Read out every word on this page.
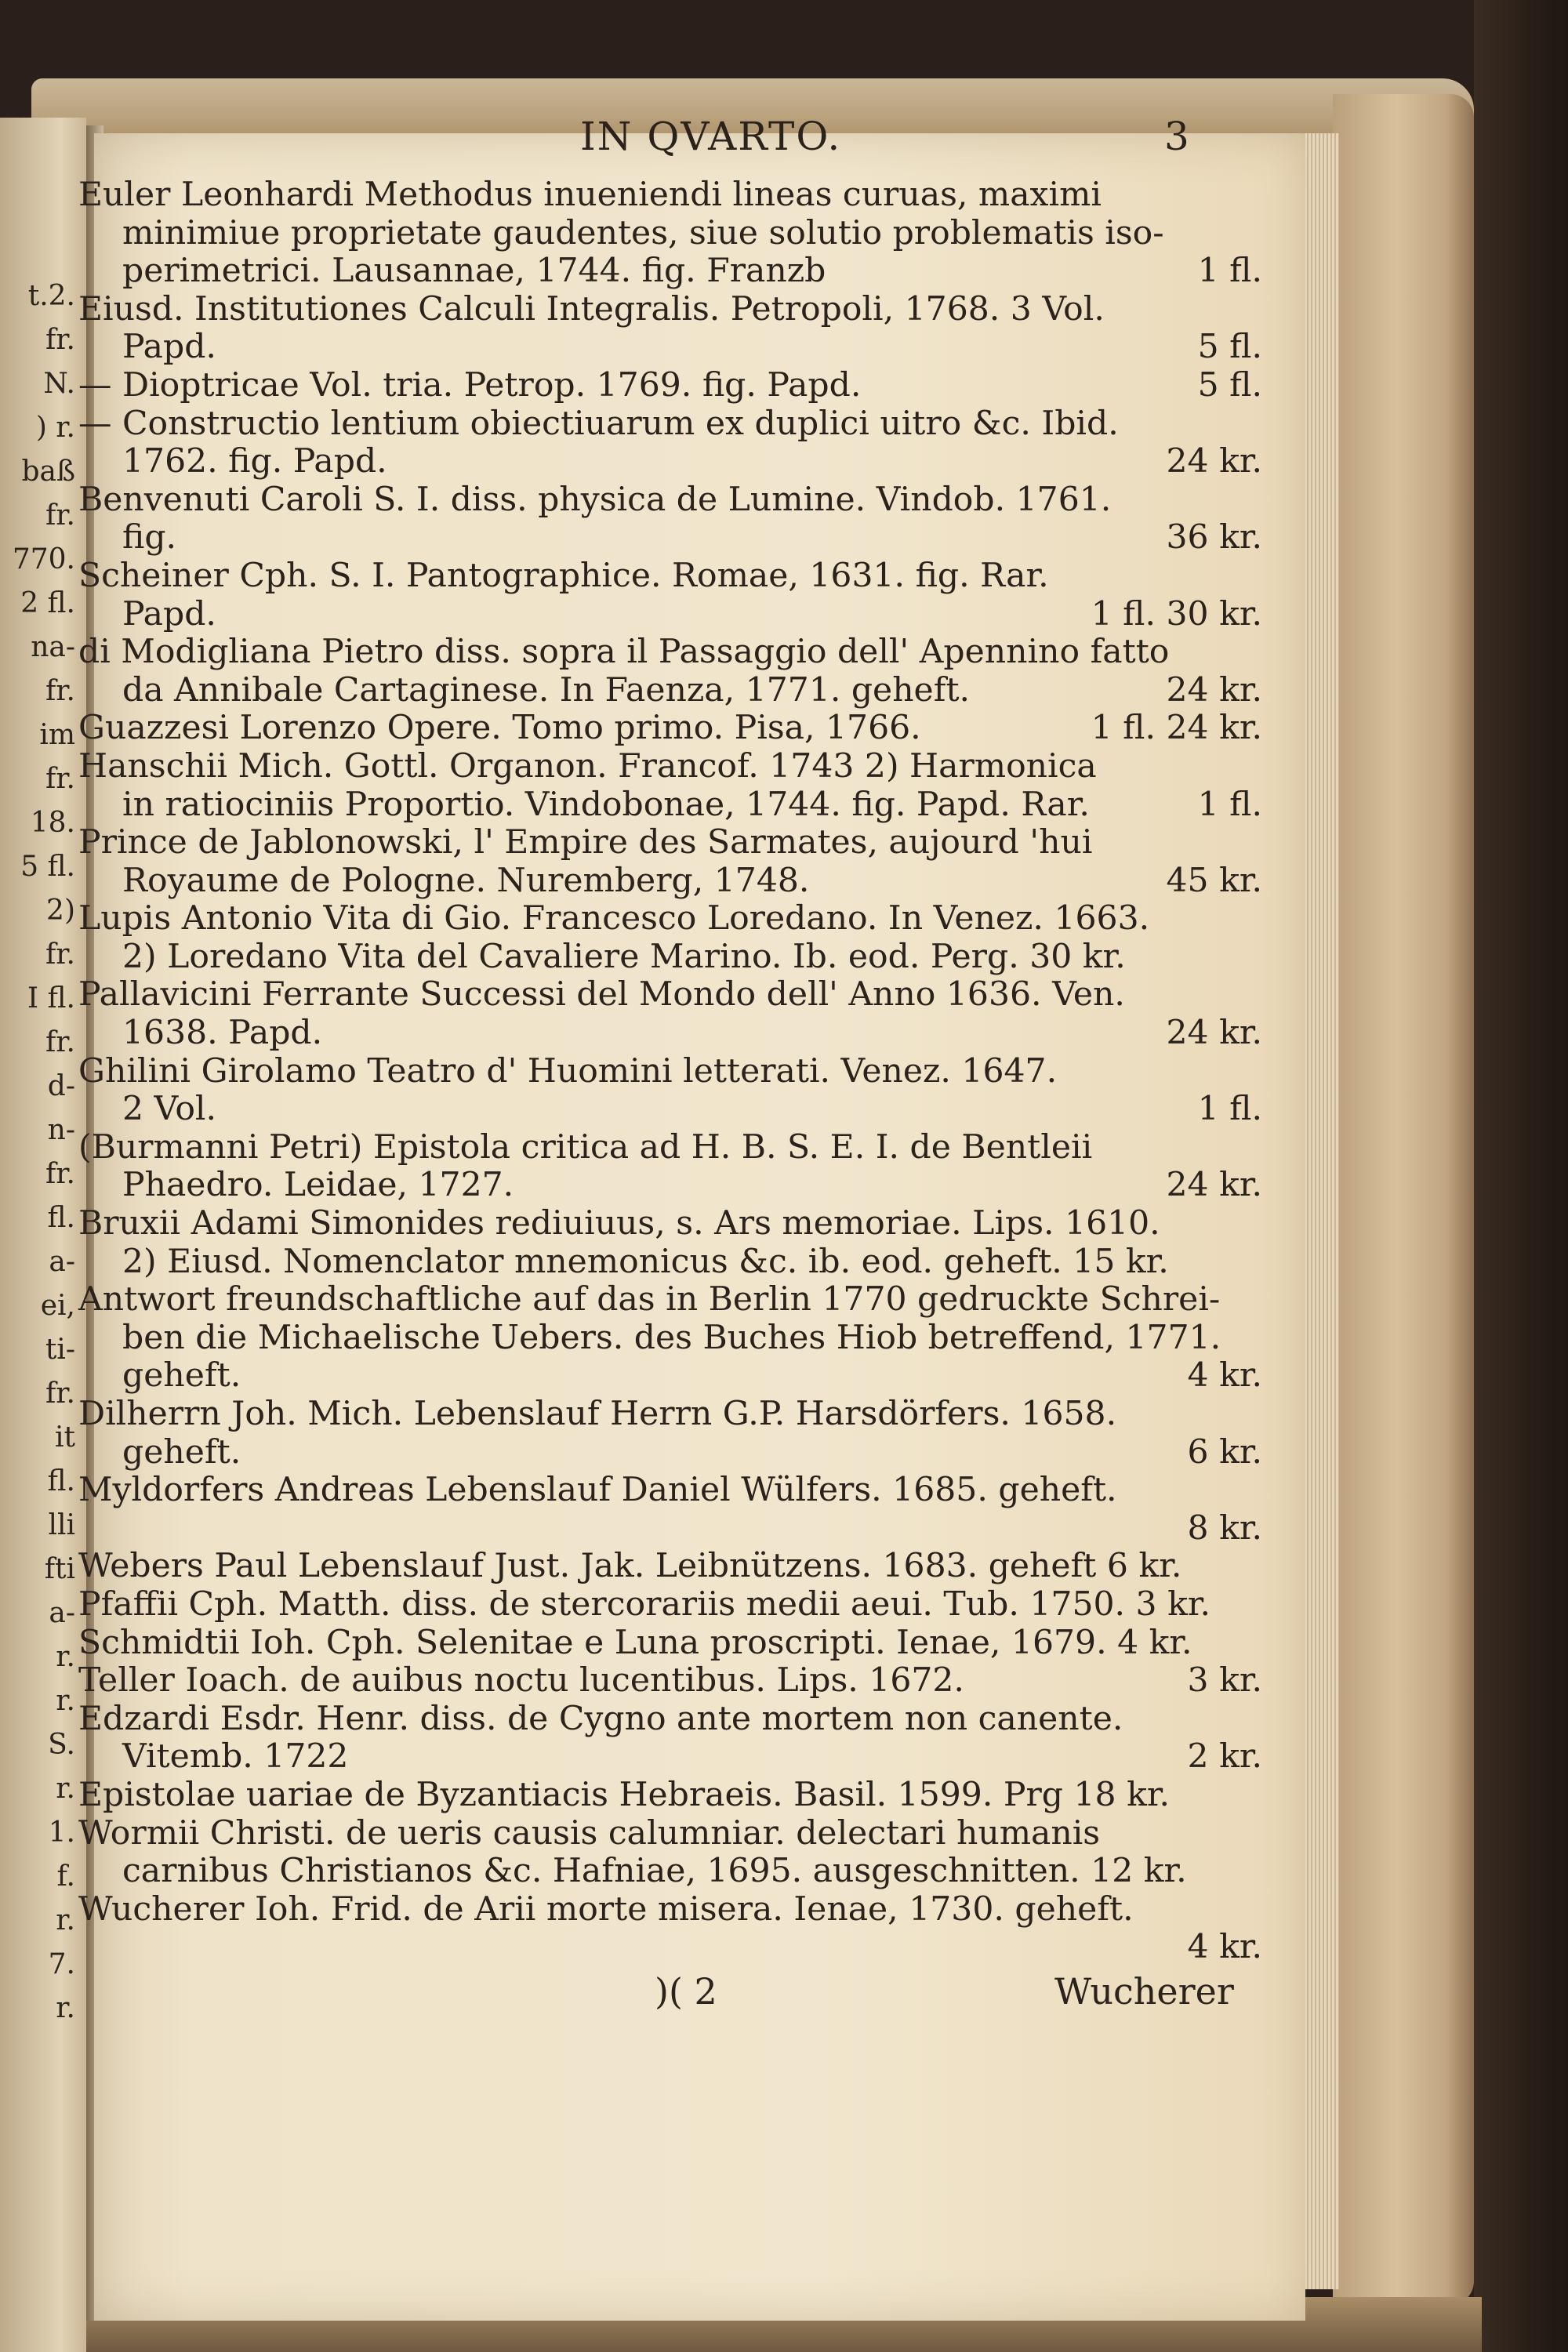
t.2.
fr.
N.
) r.
baß
fr.
770.
2 fl.
na-
fr.
im
fr.
18.
5 fl.
2)
fr.
I fl.
fr.
d-
n-
fr.
fl.
a-
ei,
ti-
fr.
it
fl.
lli
fti
a-
r.
r.
S.
r.
1.
f.
r.
7.
r.
IN QVARTO.	3
Euler Leonhardi Methodus inueniendi lineas curuas, maximi
minimiue proprietate gaudentes, siue solutio problematis iso-
perimetrici. Lausannae, 1744. fig. Franzb	1 fl.
Eiusd. Institutiones Calculi Integralis. Petropoli, 1768. 3 Vol.
Papd.	5 fl.
— Dioptricae Vol. tria. Petrop. 1769. fig. Papd.	5 fl.
— Constructio lentium obiectiuarum ex duplici uitro &c. Ibid.
1762. fig. Papd.	24 kr.
Benvenuti Caroli S. I. diss. physica de Lumine. Vindob. 1761.
fig.	36 kr.
Scheiner Cph. S. I. Pantographice. Romae, 1631. fig. Rar.
Papd.	1 fl. 30 kr.
di Modigliana Pietro diss. sopra il Passaggio dell' Apennino fatto
da Annibale Cartaginese. In Faenza, 1771. geheft.	24 kr.
Guazzesi Lorenzo Opere. Tomo primo. Pisa, 1766.	1 fl. 24 kr.
Hanschii Mich. Gottl. Organon. Francof. 1743 2) Harmonica
in ratiociniis Proportio. Vindobonae, 1744. fig. Papd. Rar.	1 fl.
Prince de Jablonowski, l' Empire des Sarmates, aujourd 'hui
Royaume de Pologne. Nuremberg, 1748.	45 kr.
Lupis Antonio Vita di Gio. Francesco Loredano. In Venez. 1663.
2) Loredano Vita del Cavaliere Marino. Ib. eod. Perg. 30 kr.
Pallavicini Ferrante Successi del Mondo dell' Anno 1636. Ven.
1638. Papd.	24 kr.
Ghilini Girolamo Teatro d' Huomini letterati. Venez. 1647.
2 Vol.	1 fl.
(Burmanni Petri) Epistola critica ad H. B. S. E. I. de Bentleii
Phaedro. Leidae, 1727.	24 kr.
Bruxii Adami Simonides rediuiuus, s. Ars memoriae. Lips. 1610.
2) Eiusd. Nomenclator mnemonicus &c. ib. eod. geheft. 15 kr.
Antwort freundschaftliche auf das in Berlin 1770 gedruckte Schrei-
ben die Michaelische Uebers. des Buches Hiob betreffend, 1771.
geheft.	4 kr.
Dilherrn Joh. Mich. Lebenslauf Herrn G.P. Harsdörfers. 1658.
geheft.	6 kr.
Myldorfers Andreas Lebenslauf Daniel Wülfers. 1685. geheft.
8 kr.
Webers Paul Lebenslauf Just. Jak. Leibnützens. 1683. geheft 6 kr.
Pfaffii Cph. Matth. diss. de stercorariis medii aeui. Tub. 1750. 3 kr.
Schmidtii Ioh. Cph. Selenitae e Luna proscripti. Ienae, 1679. 4 kr.
Teller Ioach. de auibus noctu lucentibus. Lips. 1672.	3 kr.
Edzardi Esdr. Henr. diss. de Cygno ante mortem non canente.
Vitemb. 1722	2 kr.
Epistolae uariae de Byzantiacis Hebraeis. Basil. 1599. Prg 18 kr.
Wormii Christi. de ueris causis calumniar. delectari humanis
carnibus Christianos &c. Hafniae, 1695. ausgeschnitten. 12 kr.
Wucherer Ioh. Frid. de Arii morte misera. Ienae, 1730. geheft.
4 kr.
)( 2	Wucherer
